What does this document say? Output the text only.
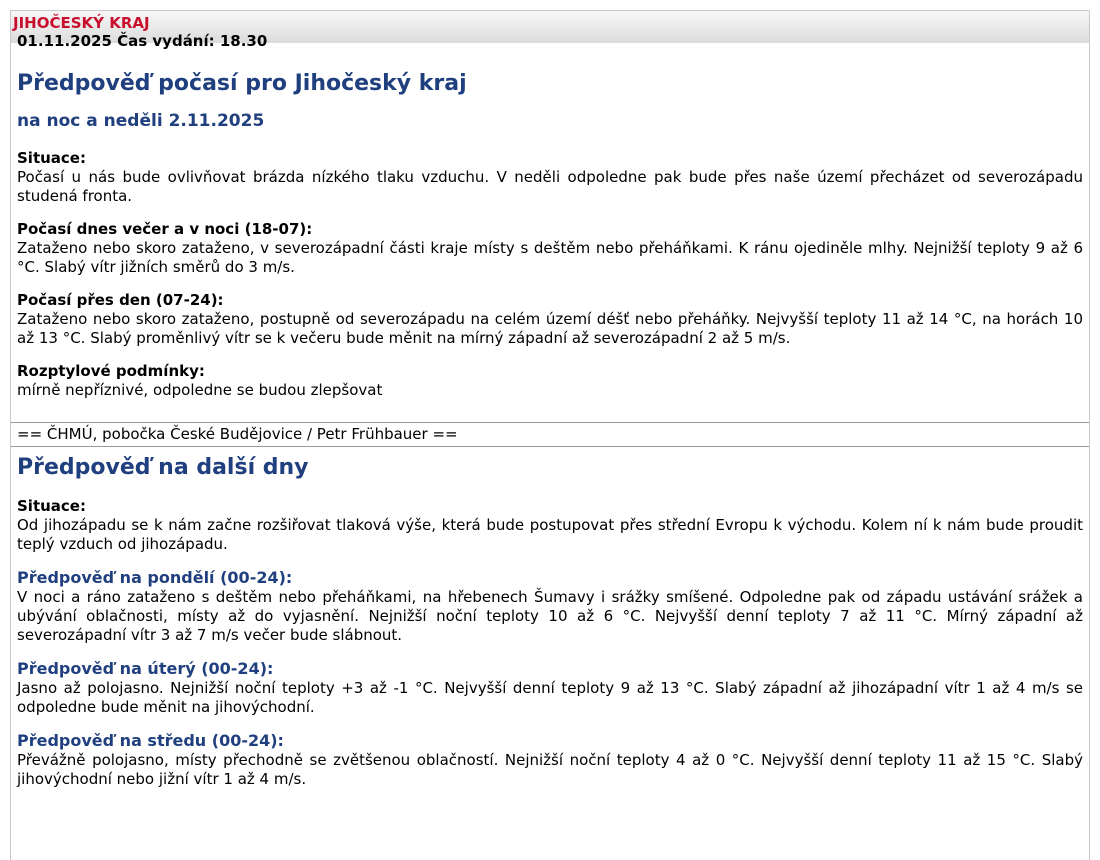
JIHOČESKÝ KRAJ
01.11.2025 Čas vydání: 18.30
Předpověď počasí pro Jihočeský kraj
na noc a neděli 2.11.2025
Situace:
Počasí u nás bude ovlivňovat brázda nízkého tlaku vzduchu. V neděli odpoledne pak bude přes naše území přecházet od severozápadu studená fronta.
Počasí dnes večer a v noci (18-07):
Zataženo nebo skoro zataženo, v severozápadní části kraje místy s deštěm nebo přeháňkami. K ránu ojediněle mlhy. Nejnižší teploty 9 až 6 °C. Slabý vítr jižních směrů do 3 m/s.
Počasí přes den (07-24):
Zataženo nebo skoro zataženo, postupně od severozápadu na celém území déšť nebo přeháňky. Nejvyšší teploty 11 až 14 °C, na horách 10 až 13 °C. Slabý proměnlivý vítr se k večeru bude měnit na mírný západní až severozápadní 2 až 5 m/s.
Rozptylové podmínky:
mírně nepříznivé, odpoledne se budou zlepšovat
== ČHMÚ, pobočka České Budějovice / Petr Frühbauer ==
Předpověď na další dny
Situace:
Od jihozápadu se k nám začne rozšiřovat tlaková výše, která bude postupovat přes střední Evropu k východu. Kolem ní k nám bude proudit teplý vzduch od jihozápadu.
Předpověď na pondělí (00-24):
V noci a ráno zataženo s deštěm nebo přeháňkami, na hřebenech Šumavy i srážky smíšené. Odpoledne pak od západu ustávání srážek a ubývání oblačnosti, místy až do vyjasnění. Nejnižší noční teploty 10 až 6 °C. Nejvyšší denní teploty 7 až 11 °C. Mírný západní až severozápadní vítr 3 až 7 m/s večer bude slábnout.
Předpověď na úterý (00-24):
Jasno až polojasno. Nejnižší noční teploty +3 až -1 °C. Nejvyšší denní teploty 9 až 13 °C. Slabý západní až jihozápadní vítr 1 až 4 m/s se odpoledne bude měnit na jihovýchodní.
Předpověď na středu (00-24):
Převážně polojasno, místy přechodně se zvětšenou oblačností. Nejnižší noční teploty 4 až 0 °C. Nejvyšší denní teploty 11 až 15 °C. Slabý jihovýchodní nebo jižní vítr 1 až 4 m/s.
